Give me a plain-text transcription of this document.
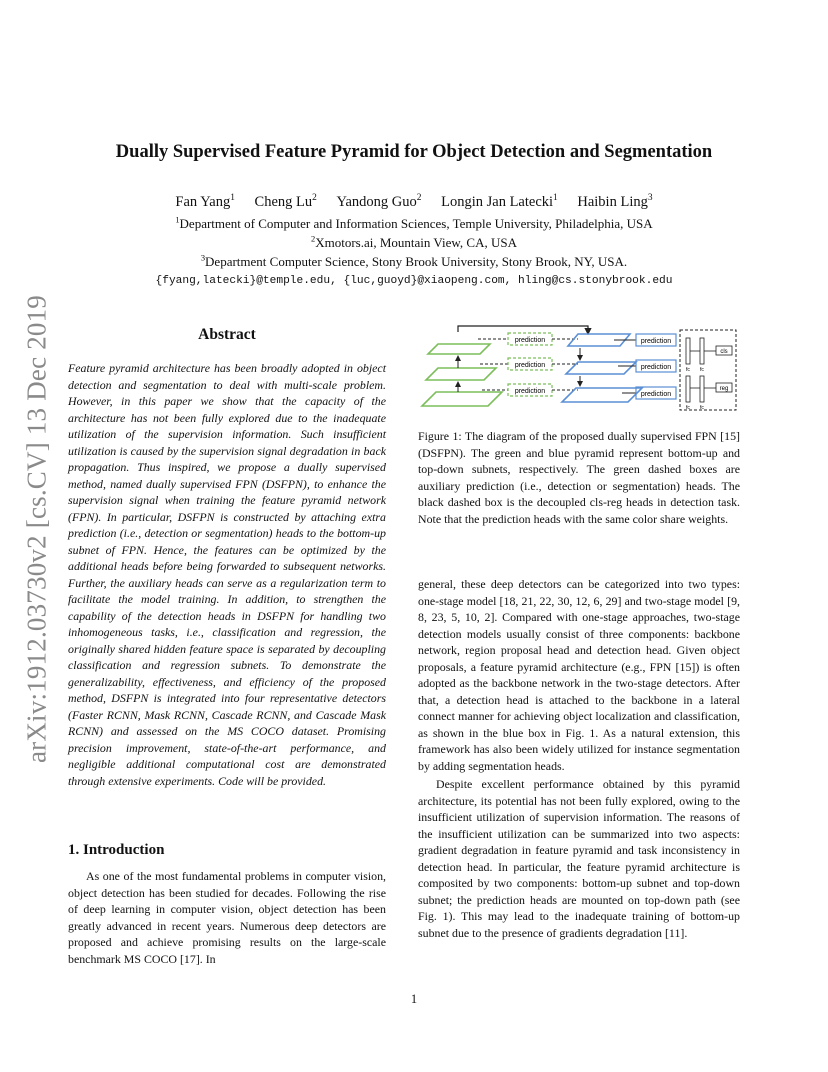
arXiv:1912.03730v2 [cs.CV] 13 Dec 2019
Dually Supervised Feature Pyramid for Object Detection and Segmentation
Fan Yang$^1$ Cheng Lu$^2$ Yandong Guo$^2$ Longin Jan Latecki$^1$ Haibin Ling$^3$
$^1$Department of Computer and Information Sciences, Temple University, Philadelphia, USA
$^2$Xmotors.ai, Mountain View, CA, USA
$^3$Department Computer Science, Stony Brook University, Stony Brook, NY, USA.
{fyang,latecki}@temple.edu, {luc,guoyd}@xiaopeng.com, hling@cs.stonybrook.edu
Abstract
Feature pyramid architecture has been broadly adopted in object detection and segmentation to deal with multi-scale problem. However, in this paper we show that the capacity of the architecture has not been fully explored due to the inadequate utilization of the supervision information. Such insufficient utilization is caused by the supervision signal degradation in back propagation. Thus inspired, we propose a dually supervised method, named dually supervised FPN (DSFPN), to enhance the supervision signal when training the feature pyramid network (FPN). In particular, DSFPN is constructed by attaching extra prediction (i.e., detection or segmentation) heads to the bottom-up subnet of FPN. Hence, the features can be optimized by the additional heads before being forwarded to subsequent networks. Further, the auxiliary heads can serve as a regularization term to facilitate the model training. In addition, to strengthen the capability of the detection heads in DSFPN for handling two inhomogeneous tasks, i.e., classification and regression, the originally shared hidden feature space is separated by decoupling classification and regression subnets. To demonstrate the generalizability, effectiveness, and efficiency of the proposed method, DSFPN is integrated into four representative detectors (Faster RCNN, Mask RCNN, Cascade RCNN, and Cascade Mask RCNN) and assessed on the MS COCO dataset. Promising precision improvement, state-of-the-art performance, and negligible additional computational cost are demonstrated through extensive experiments. Code will be provided.
1. Introduction
As one of the most fundamental problems in computer vision, object detection has been studied for decades. Following the rise of deep learning in computer vision, object detection has been greatly advanced in recent years. Numerous deep detectors are proposed and achieve promising results on the large-scale benchmark MS COCO [17]. In
prediction
prediction
prediction
prediction
prediction
prediction
cls
fc fc
reg
fc fc
Figure 1: The diagram of the proposed dually supervised FPN [15] (DSFPN). The green and blue pyramid represent bottom-up and top-down subnets, respectively. The green dashed boxes are auxiliary prediction (i.e., detection or segmentation) heads. The black dashed box is the decoupled cls-reg heads in detection task. Note that the prediction heads with the same color share weights.

general, these deep detectors can be categorized into two types: one-stage model [18, 21, 22, 30, 12, 6, 29] and two-stage model [9, 8, 23, 5, 10, 2]. Compared with one-stage approaches, two-stage detection models usually consist of three components: backbone network, region proposal head and detection head. Given object proposals, a feature pyramid architecture (e.g., FPN [15]) is often adopted as the backbone network in the two-stage detectors. After that, a detection head is attached to the backbone in a lateral connect manner for achieving object localization and classification, as shown in the blue box in Fig. 1. As a natural extension, this framework has also been widely utilized for instance segmentation by adding segmentation heads.

Despite excellent performance obtained by this pyramid architecture, its potential has not been fully explored, owing to the insufficient utilization of supervision information. The reasons of the insufficient utilization can be summarized into two aspects: gradient degradation in feature pyramid and task inconsistency in detection head. In particular, the feature pyramid architecture is composited by two components: bottom-up subnet and top-down subnet; the prediction heads are mounted on top-down path (see Fig. 1). This may lead to the inadequate training of bottom-up subnet due to the presence of gradients degradation [11].

1
